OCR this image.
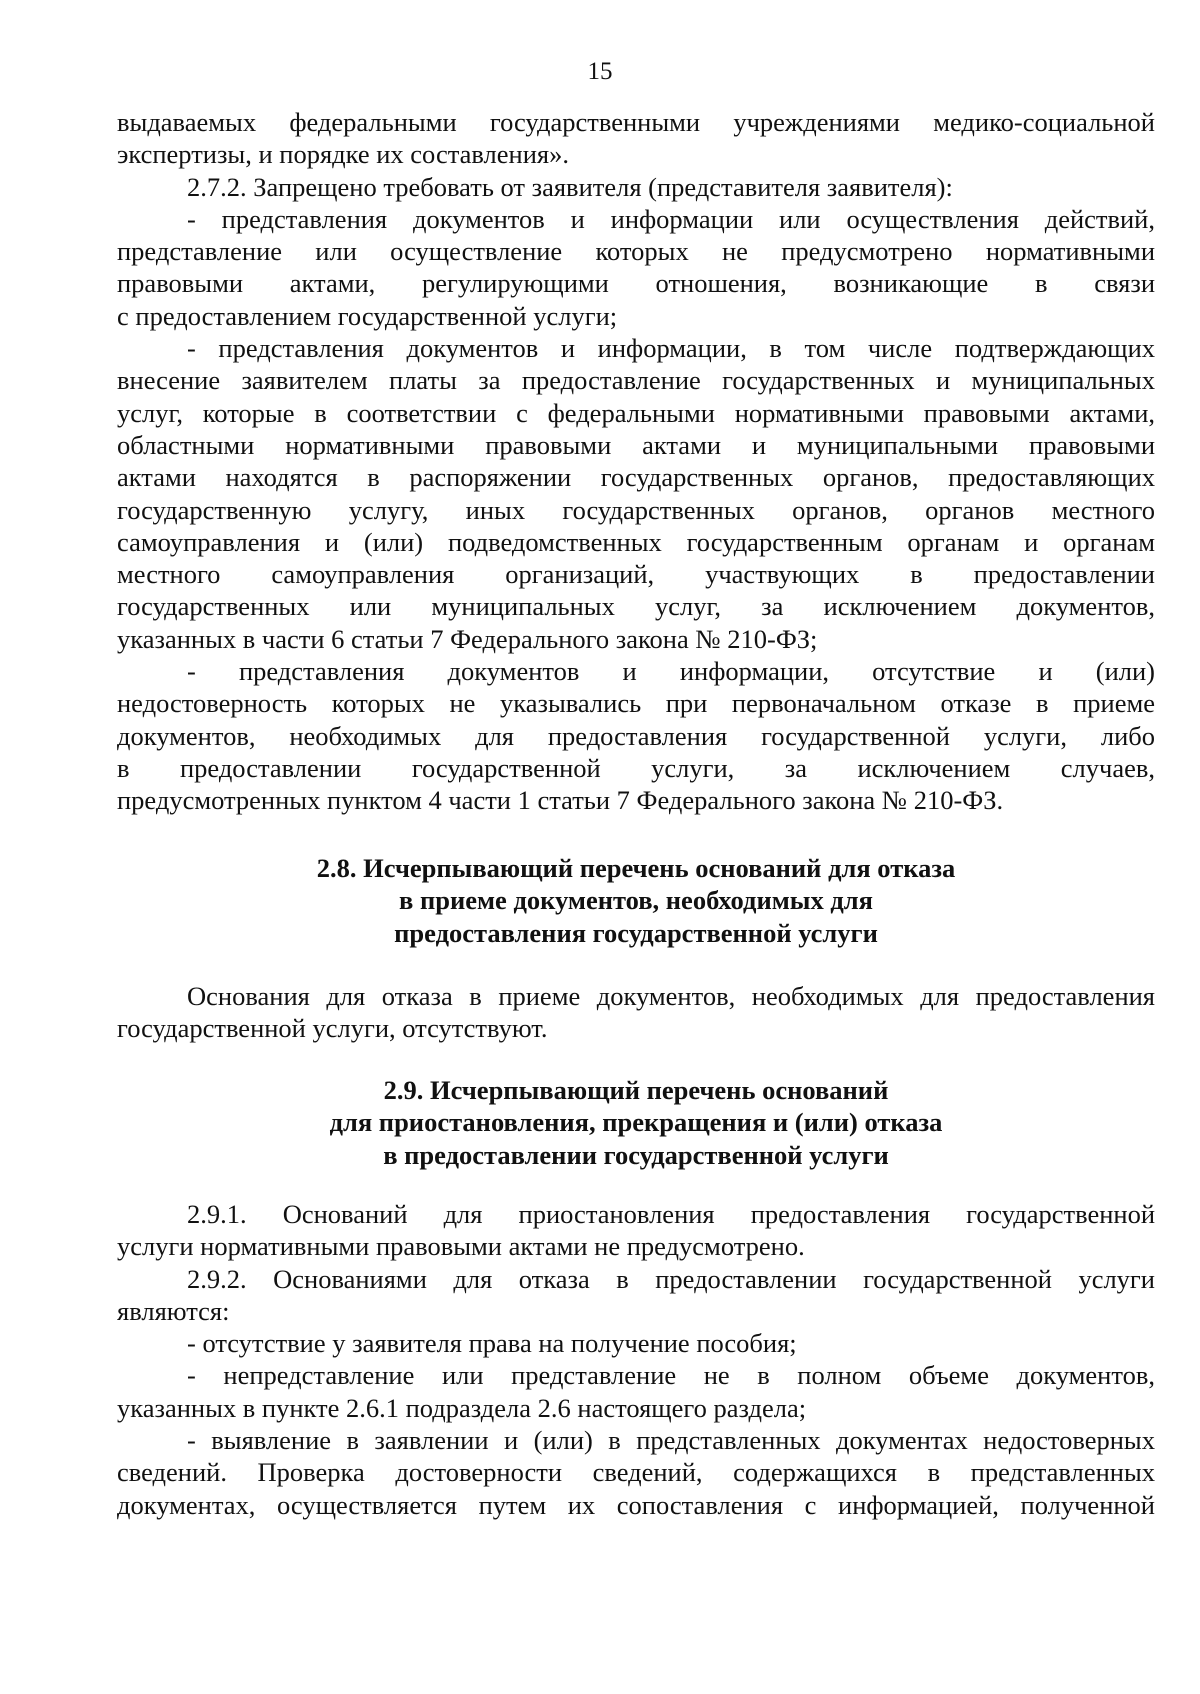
15

выдаваемых федеральными государственными учреждениями медико-социальной

экспертизы, и порядке их составления».

2.7.2. Запрещено требовать от заявителя (представителя заявителя):

- представления документов и информации или осуществления действий,

представление или осуществление которых не предусмотрено нормативными

правовыми актами, регулирующими отношения, возникающие в связи

с предоставлением государственной услуги;

- представления документов и информации, в том числе подтверждающих

внесение заявителем платы за предоставление государственных и муниципальных

услуг, которые в соответствии с федеральными нормативными правовыми актами,

областными нормативными правовыми актами и муниципальными правовыми

актами находятся в распоряжении государственных органов, предоставляющих

государственную услугу, иных государственных органов, органов местного

самоуправления и (или) подведомственных государственным органам и органам

местного самоуправления организаций, участвующих в предоставлении

государственных или муниципальных услуг, за исключением документов,

указанных в части 6 статьи 7 Федерального закона № 210-ФЗ;

- представления документов и информации, отсутствие и (или)

недостоверность которых не указывались при первоначальном отказе в приеме

документов, необходимых для предоставления государственной услуги, либо

в предоставлении государственной услуги, за исключением случаев,

предусмотренных пунктом 4 части 1 статьи 7 Федерального закона № 210-ФЗ.

2.8. Исчерпывающий перечень оснований для отказа
в приеме документов, необходимых для
предоставления государственной услуги

Основания для отказа в приеме документов, необходимых для предоставления

государственной услуги, отсутствуют.

2.9. Исчерпывающий перечень оснований
для приостановления, прекращения и (или) отказа
в предоставлении государственной услуги

2.9.1. Оснований для приостановления предоставления государственной

услуги нормативными правовыми актами не предусмотрено.

2.9.2. Основаниями для отказа в предоставлении государственной услуги

являются:

- отсутствие у заявителя права на получение пособия;

- непредставление или представление не в полном объеме документов,

указанных в пункте 2.6.1 подраздела 2.6 настоящего раздела;

- выявление в заявлении и (или) в представленных документах недостоверных

сведений. Проверка достоверности сведений, содержащихся в представленных

документах, осуществляется путем их сопоставления с информацией, полученной
